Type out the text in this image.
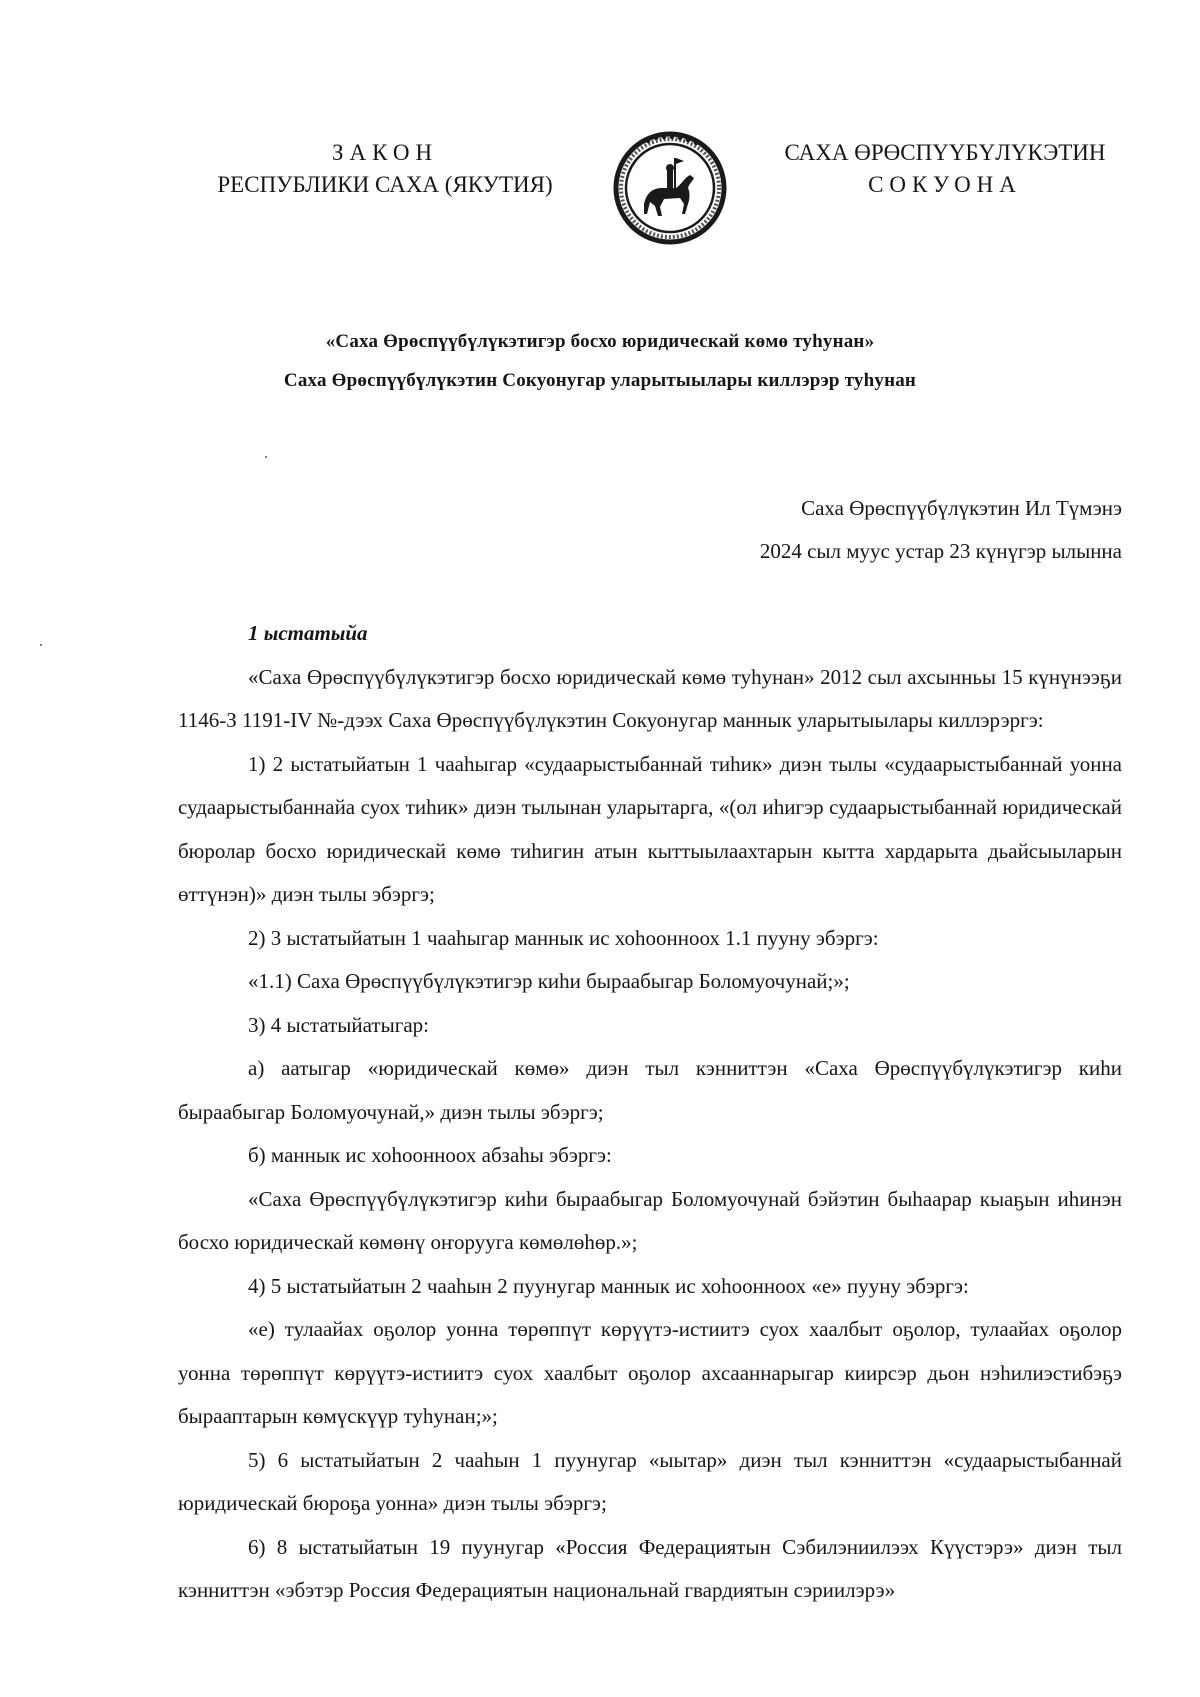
ЗАКОН
РЕСПУБЛИКИ САХА (ЯКУТИЯ)
САХА ӨРӨСПҮҮБҮЛҮКЭТИН
СОКУОНА
«Саха Өрөспүүбүлүкэтигэр босхо юридическай көмө туһунан»
Саха Өрөспүүбүлүкэтин Сокуонугар уларытыылары киллэрэр туһунан
Саха Өрөспүүбүлүкэтин Ил Түмэнэ
2024 сыл муус устар 23 күнүгэр ылынна
1 ыстатыйа

«Саха Өрөспүүбүлүкэтигэр босхо юридическай көмө туһунан» 2012 сыл ахсынньы 15 күнүнээҕи 1146-З 1191-IV №-дээх Саха Өрөспүүбүлүкэтин Сокуонугар маннык уларытыылары киллэрэргэ:

1) 2 ыстатыйатын 1 чааһыгар «судаарыстыбаннай тиһик» диэн тылы «судаарыстыбаннай уонна судаарыстыбаннайа суох тиһик» диэн тылынан уларытарга, «(ол иһигэр судаарыстыбаннай юридическай бюролар босхо юридическай көмө тиһигин атын кыттыылаахтарын кытта хардарыта дьайсыыларын өттүнэн)» диэн тылы эбэргэ;

2) 3 ыстатыйатын 1 чааһыгар маннык ис хоһоонноох 1.1 пууну эбэргэ:

«1.1) Саха Өрөспүүбүлүкэтигэр киһи быраабыгар Боломуочунай;»;

3) 4 ыстатыйатыгар:

а) аатыгар «юридическай көмө» диэн тыл кэнниттэн «Саха Өрөспүүбүлүкэтигэр киһи быраабыгар Боломуочунай,» диэн тылы эбэргэ;

б) маннык ис хоһоонноох абзаһы эбэргэ:

«Саха Өрөспүүбүлүкэтигэр киһи быраабыгар Боломуочунай бэйэтин быһаарар кыаҕын иһинэн босхо юридическай көмөнү оҥорууга көмөлөһөр.»;

4) 5 ыстатыйатын 2 чааһын 2 пуунугар маннык ис хоһоонноох «е» пууну эбэргэ:

«е) тулаайах оҕолор уонна төрөппүт көрүүтэ-истиитэ суох хаалбыт оҕолор, тулаайах оҕолор уонна төрөппүт көрүүтэ-истиитэ суох хаалбыт оҕолор ахсааннарыгар киирсэр дьон нэһилиэстибэҕэ бырааптарын көмүскүүр туһунан;»;

5) 6 ыстатыйатын 2 чааһын 1 пуунугар «ыытар» диэн тыл кэнниттэн «судаарыстыбаннай юридическай бюроҕа уонна» диэн тылы эбэргэ;

6) 8 ыстатыйатын 19 пуунугар «Россия Федерациятын Сэбилэниилээх Күүстэрэ» диэн тыл кэнниттэн «эбэтэр Россия Федерациятын национальнай гвардиятын сэриилэрэ»
